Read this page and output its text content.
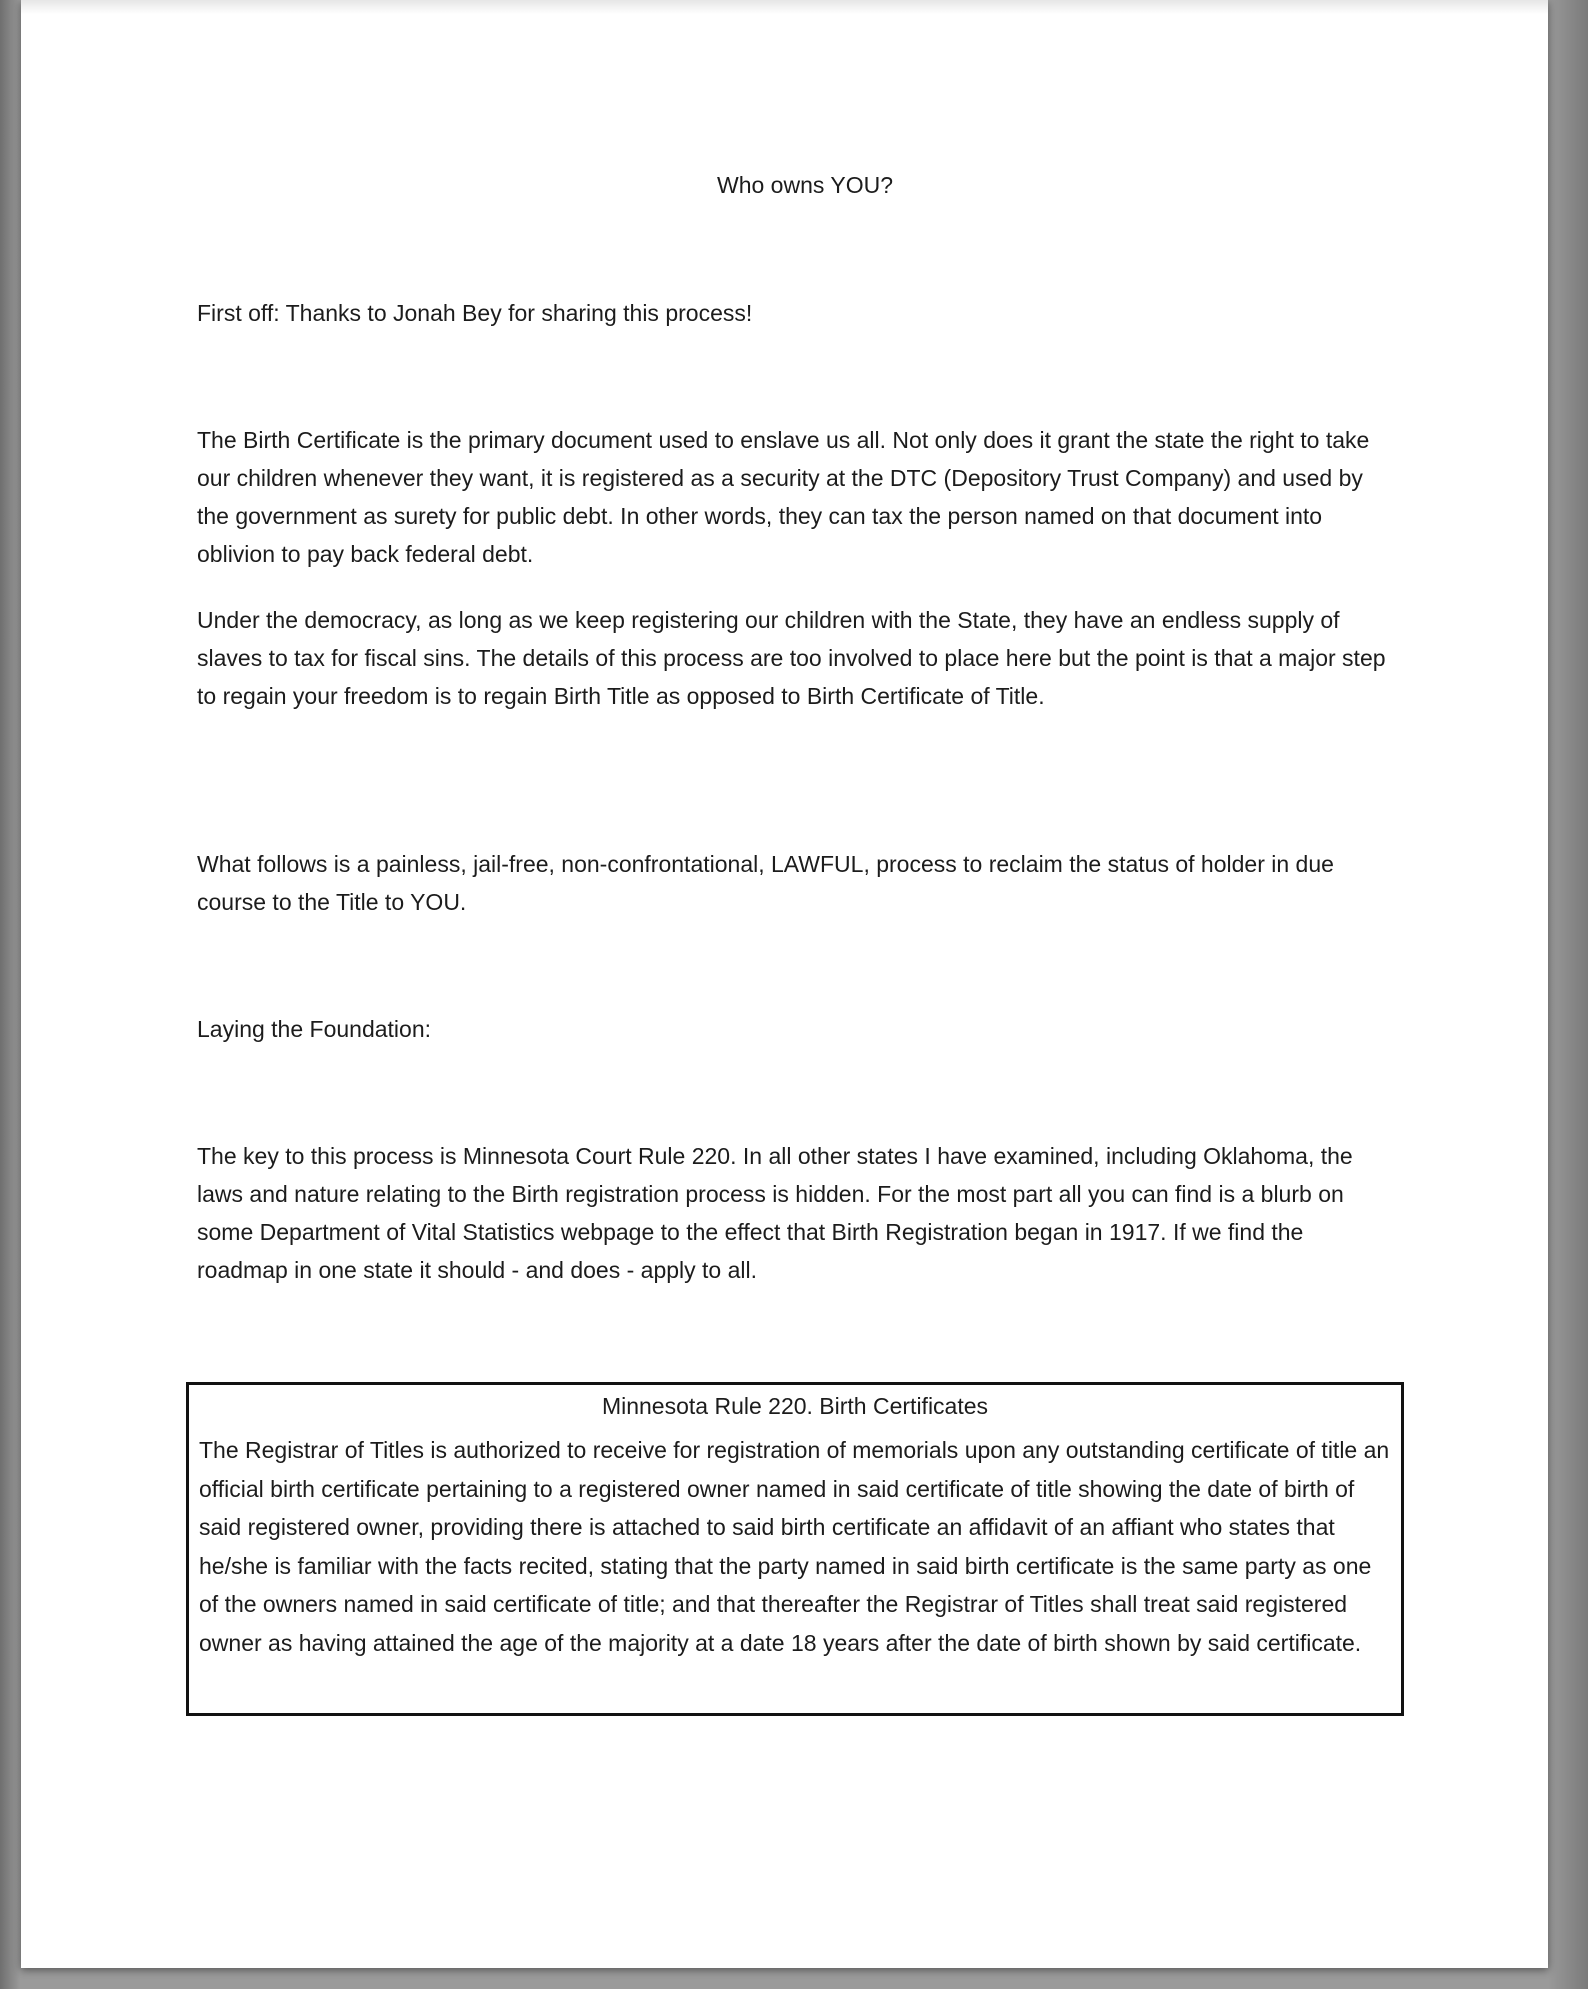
Who owns YOU?

First off: Thanks to Jonah Bey for sharing this process!

The Birth Certificate is the primary document used to enslave us all. Not only does it grant the state the right to take our children whenever they want, it is registered as a security at the DTC (Depository Trust Company) and used by the government as surety for public debt. In other words, they can tax the person named on that document into oblivion to pay back federal debt.

Under the democracy, as long as we keep registering our children with the State, they have an endless supply of slaves to tax for fiscal sins. The details of this process are too involved to place here but the point is that a major step to regain your freedom is to regain Birth Title as opposed to Birth Certificate of Title.

What follows is a painless, jail-free, non-confrontational, LAWFUL, process to reclaim the status of holder in due course to the Title to YOU.

Laying the Foundation:

The key to this process is Minnesota Court Rule 220. In all other states I have examined, including Oklahoma, the laws and nature relating to the Birth registration process is hidden. For the most part all you can find is a blurb on some Department of Vital Statistics webpage to the effect that Birth Registration began in 1917. If we find the roadmap in one state it should - and does - apply to all.

Minnesota Rule 220. Birth Certificates

The Registrar of Titles is authorized to receive for registration of memorials upon any outstanding certificate of title an official birth certificate pertaining to a registered owner named in said certificate of title showing the date of birth of said registered owner, providing there is attached to said birth certificate an affidavit of an affiant who states that he/she is familiar with the facts recited, stating that the party named in said birth certificate is the same party as one of the owners named in said certificate of title; and that thereafter the Registrar of Titles shall treat said registered owner as having attained the age of the majority at a date 18 years after the date of birth shown by said certificate.
